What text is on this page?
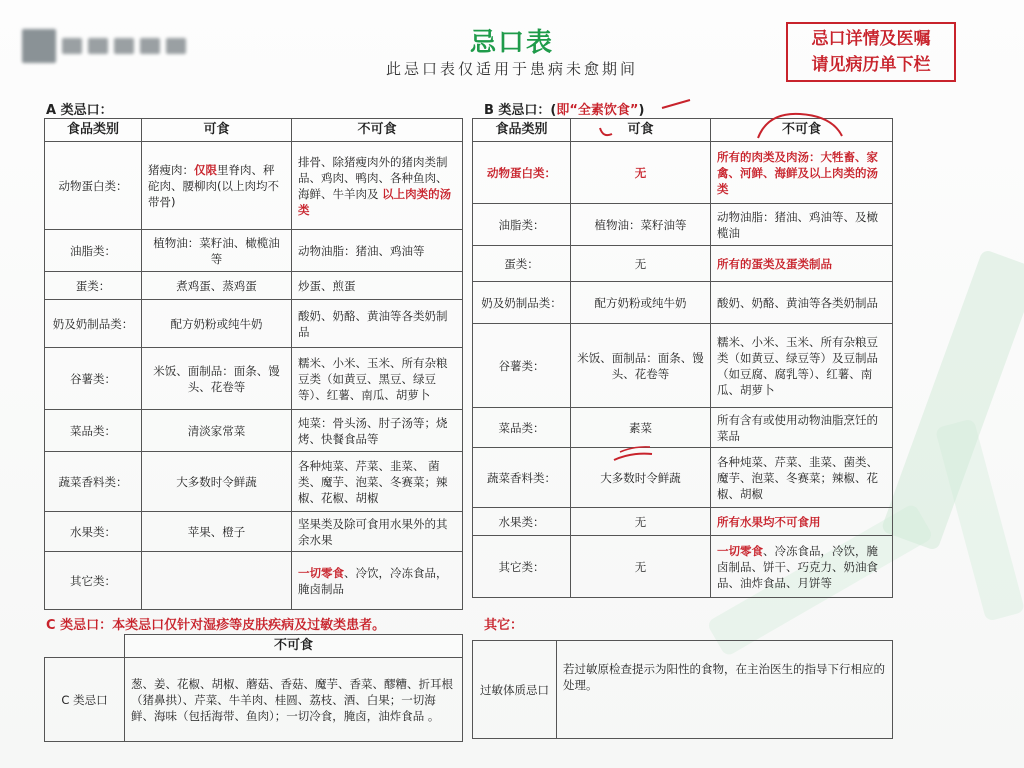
忌口表
此忌口表仅适用于患病未愈期间
忌口详情及医嘱
请见病历单下栏
A 类忌口：
食品类别	可食	不可食
动物蛋白类：	猪瘦肉：仅限里脊肉、秤砣肉、腰柳肉(以上肉均不带骨)	排骨、除猪瘦肉外的猪肉类制品、鸡肉、鸭肉、各种鱼肉、海鲜、牛羊肉及 以上肉类的汤类
油脂类：	植物油：菜籽油、橄榄油等	动物油脂：猪油、鸡油等
蛋类：	煮鸡蛋、蒸鸡蛋	炒蛋、煎蛋
奶及奶制品类：	配方奶粉或纯牛奶	酸奶、奶酪、黄油等各类奶制品
谷薯类：	米饭、面制品：面条、馒头、花卷等	糯米、小米、玉米、所有杂粮豆类（如黄豆、黑豆、绿豆等）、红薯、南瓜、胡萝卜
菜品类：	清淡家常菜	炖菜：骨头汤、肘子汤等；烧烤、快餐食品等
蔬菜香料类：	大多数时令鲜蔬	各种炖菜、芹菜、韭菜、 菌类、魔芋、泡菜、冬赛菜；辣椒、花椒、胡椒
水果类：	苹果、橙子	坚果类及除可食用水果外的其余水果
其它类：		一切零食、冷饮，冷冻食品，腌卤制品
B 类忌口：(即“全素饮食”)
食品类别	可食	不可食
动物蛋白类：	无	所有的肉类及肉汤：大牲畜、家禽、河鲜、海鲜及以上肉类的汤类
油脂类：	植物油：菜籽油等	动物油脂：猪油、鸡油等、及橄榄油
蛋类：	无	所有的蛋类及蛋类制品
奶及奶制品类：	配方奶粉或纯牛奶	酸奶、奶酪、黄油等各类奶制品
谷薯类：	米饭、面制品：面条、馒头、花卷等	糯米、小米、玉米、所有杂粮豆类（如黄豆、绿豆等）及豆制品（如豆腐、腐乳等）、红薯、南瓜、胡萝卜
菜品类：	素菜	所有含有或使用动物油脂烹饪的菜品
蔬菜香料类：	大多数时令鲜蔬	各种炖菜、芹菜、韭菜、菌类、魔芋、泡菜、冬赛菜；辣椒、花椒、胡椒
水果类：	无	所有水果均不可食用
其它类：	无	一切零食、冷冻食品，冷饮，腌卤制品、饼干、巧克力、奶油食品、油炸食品、月饼等
C 类忌口：本类忌口仅针对湿疹等皮肤疾病及过敏类患者。
	不可食
C 类忌口	葱、姜、花椒、胡椒、蘑菇、香菇、魔芋、香菜、醪糟、折耳根（猪鼻拱）、芹菜、牛羊肉、桂圆、荔枝、酒、白果；一切海鲜、海味（包括海带、鱼肉）；一切冷食，腌卤，油炸食品 。
其它：
过敏体质忌口	若过敏原检查提示为阳性的食物，在主治医生的指导下行相应的处理。
